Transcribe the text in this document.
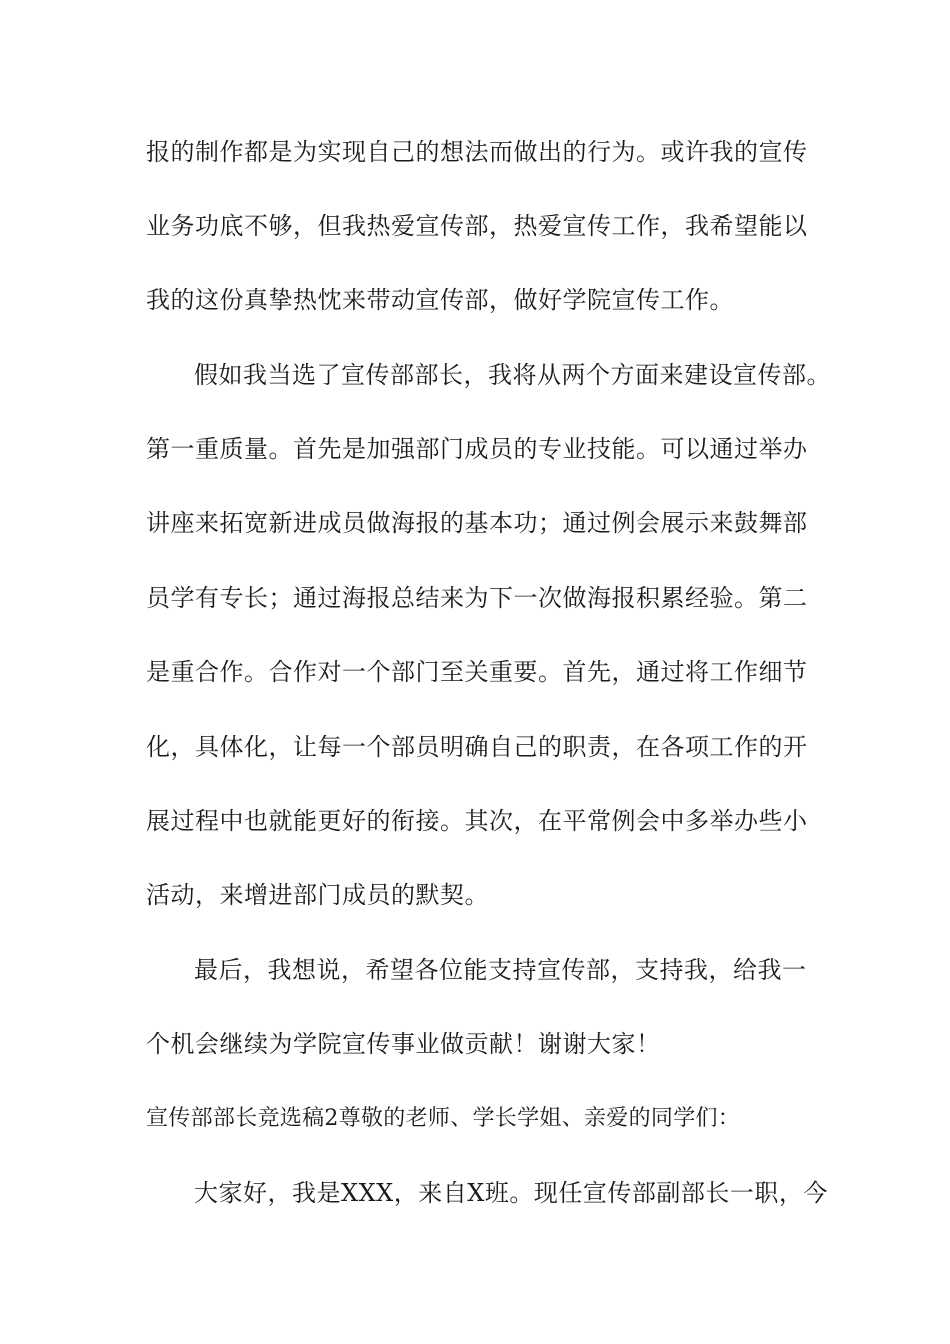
报的制作都是为实现自己的想法而做出的行为。或许我的宣传
业务功底不够，但我热爱宣传部，热爱宣传工作，我希望能以
我的这份真挚热忱来带动宣传部，做好学院宣传工作。
假如我当选了宣传部部长，我将从两个方面来建设宣传部。
第一重质量。首先是加强部门成员的专业技能。可以通过举办
讲座来拓宽新进成员做海报的基本功；通过例会展示来鼓舞部
员学有专长；通过海报总结来为下一次做海报积累经验。第二
是重合作。合作对一个部门至关重要。首先，通过将工作细节
化，具体化，让每一个部员明确自己的职责，在各项工作的开
展过程中也就能更好的衔接。其次，在平常例会中多举办些小
活动，来增进部门成员的默契。
最后，我想说，希望各位能支持宣传部，支持我，给我一
个机会继续为学院宣传事业做贡献！谢谢大家！
宣传部部长竞选稿2尊敬的老师、学长学姐、亲爱的同学们：
大家好，我是XXX，来自X班。现任宣传部副部长一职，今
